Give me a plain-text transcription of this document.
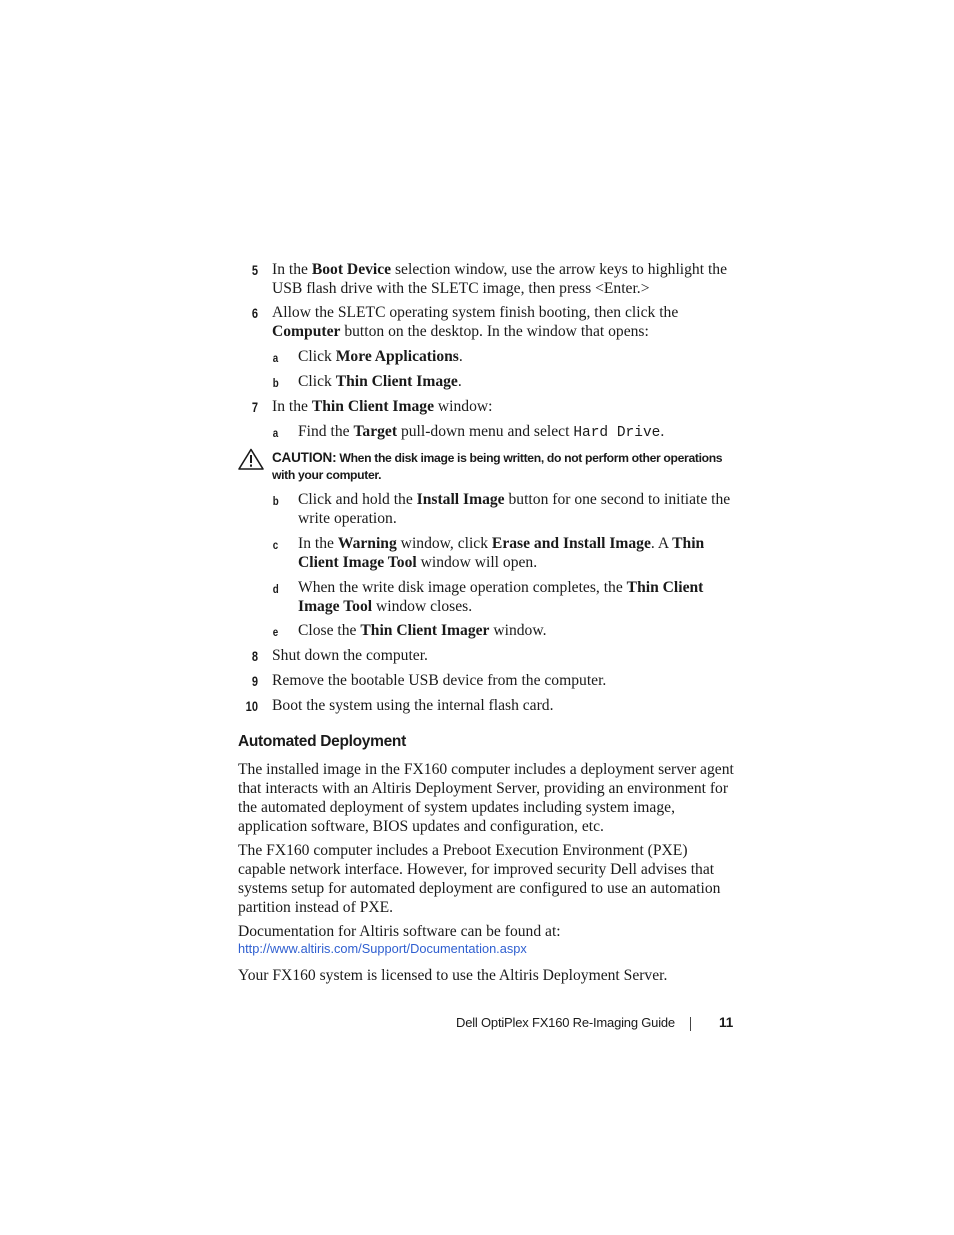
5 In the Boot Device selection window, use the arrow keys to highlight the USB flash drive with the SLETC image, then press <Enter.>
6 Allow the SLETC operating system finish booting, then click the Computer button on the desktop. In the window that opens:
a Click More Applications.
b Click Thin Client Image.
7 In the Thin Client Image window:
a Find the Target pull-down menu and select Hard Drive.
CAUTION: When the disk image is being written, do not perform other operations with your computer.
b Click and hold the Install Image button for one second to initiate the write operation.
c In the Warning window, click Erase and Install Image. A Thin Client Image Tool window will open.
d When the write disk image operation completes, the Thin Client Image Tool window closes.
e Close the Thin Client Imager window.
8 Shut down the computer.
9 Remove the bootable USB device from the computer.
10 Boot the system using the internal flash card.
Automated Deployment
The installed image in the FX160 computer includes a deployment server agent that interacts with an Altiris Deployment Server, providing an environment for the automated deployment of system updates including system image, application software, BIOS updates and configuration, etc.
The FX160 computer includes a Preboot Execution Environment (PXE) capable network interface. However, for improved security Dell advises that systems setup for automated deployment are configured to use an automation partition instead of PXE.
Documentation for Altiris software can be found at:
http://www.altiris.com/Support/Documentation.aspx
Your FX160 system is licensed to use the Altiris Deployment Server.
Dell OptiPlex FX160 Re-Imaging Guide	11
